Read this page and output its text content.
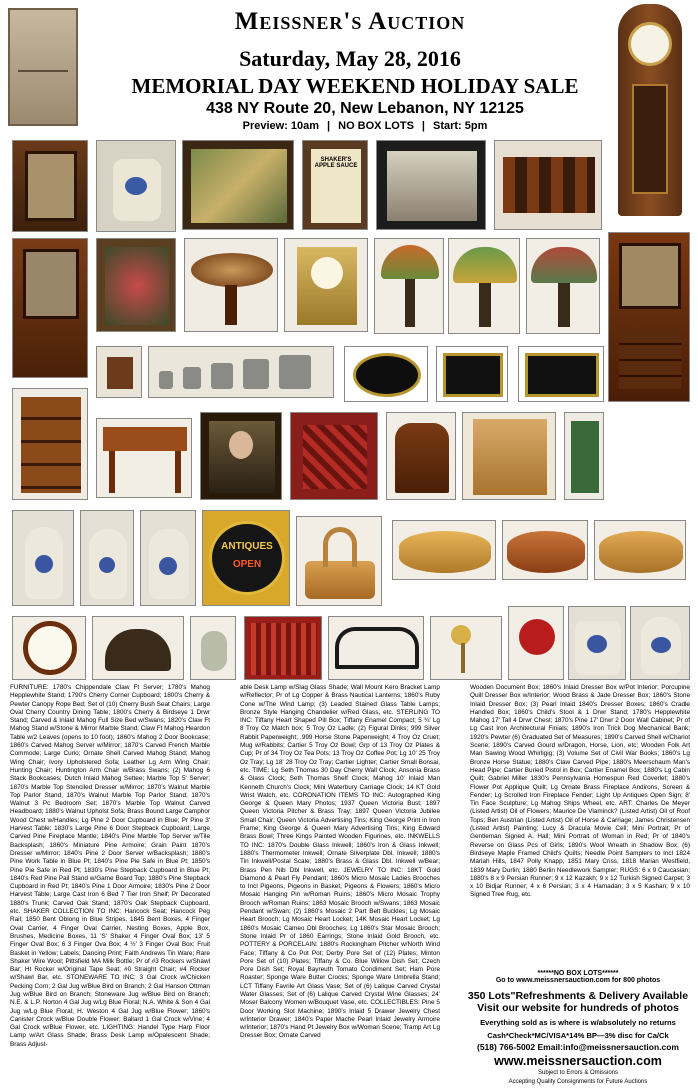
Meissner's Auction
Saturday, May 28, 2016
MEMORIAL DAY WEEKEND HOLIDAY SALE
438 NY Route 20, New Lebanon, NY 12125
Preview: 10am | NO BOX LOTS | Start: 5pm
SHAKER'S APPLE SAUCE
ANTIQUES
OPEN
FURNITURE: 1780's Chippendale Claw Ft Server; 1780's Mahog Hepplewhite Stand; 1790's Cherry Corner Cupboard; 1800's Cherry & Pewter Canopy Rope Bed; Set of (10) Cherry Bush Seat Chairs; Large Oval Cherry Country Dining Table; 1800's Cherry & Birdseye 1 Drwr Stand; Carved & Inlaid Mahog Full Size Bed w/Swans; 1820's Claw Ft Mahog Stand w/Stone & Mirror Marble Stand; Claw Ft Mahog Heardon Table w/2 Leaves (opens to 10 foot); 1860's Mahog 2 Door Bookcase; 1860's Carved Mahog Server w/Mirror; 1870's Carved French Marble Commode; Large Curio; Ornate Shell Carved Mahog Stand; Mahog Wing Chair; Ivory Upholstered Sofa; Leather Lg Arm Wing Chair; Hunting Chair; Huntington Arm Chair w/Brass Swans; (2) Mahog 6 Stack Bookcases; Dutch Inlaid Mahog Settee; Marble Top 5' Server; 1870's Marble Top Stenciled Dresser w/Mirror; 1870's Walnut Marble Top Parlor Stand; 1870's Walnut Marble Top Parlor Stand; 1870's Walnut 3 Pc Bedroom Set; 1870's Marble Top Walnut Carved Headboard; 1880's Walnut Upholst Sofa; Brass Bound Large Camphor Wood Chest w/Handles; Lg Pine 2 Door Cupboard in Blue; Pr Pine 3' Harvest Table; 1830's Large Pine 6 Door Stepback Cupboard; Large Carved Pine Fireplace Mantle; 1840's Pine Marble Top Server w/Tile Backsplash; 1860's Miniature Pine Armoire; Grain Paint 1870's Dresser w/Mirror; 1840's Pine 2 Door Server w/Backsplash; 1880's Pine Work Table in Blue Pt; 1840's Pine Pie Safe in Blue Pt; 1850's Pine Pie Safe in Red Pt; 1830's Pine Stepback Cupboard in Blue Pt; 1840's Red Pine Pail Stand w/Game Board Top; 1880's Pine Stepback Cupboard in Red Pt; 1840's Pine 1 Door Armoire; 1830's Pine 2 Door Harvest Table; Large Cast Iron 6 Bed 7 Tier Iron Shelf; Pr Decorated 1880's Trunk; Carved Oak Stand; 1870's Oak Stepback Cupboard, etc. SHAKER COLLECTION TO INC: Hancock Seat; Hancock Peg Rail; 1850 Bent Oblong in Blue Stripes, 1845 Bent Boxes, 4 Finger Oval Carrier, 4 Finger Oval Carrier, Nesting Boxes, Apple Box, Brushes, Medicine Boxes, 11 'S' Shaker 4 Finger Oval Box; 13' 5 Finger Oval Box; 6 3 Finger Ova Box; 4 ½' 3 Finger Oval Box; Fruit Basket in Yellow; Labels; Dancing Print; Faith Andrews Tin Ware; Rare Shaker Wire Wool; Pittsfield MA Milk Bottle; Pr of #3 Rockers w/Shawl Bar; Ht Rocker w/Original Tape Seat; #0 Straight Chair; #4 Rocker w/Shawl Bar, etc. STONEWARE TO INC: 3 Gal Crock w/Chicken Pecking Corn; 2 Gal Jug w/Blue Bird on Branch; 2 Gal Hanson Ottman Jug w/Blue Bird on Branch; Stoneware Jug w/Blue Bird on Branch; N.E. & L.P. Norton 4 Gal Jug w/Lg Blue Floral; N.A. White & Son 4 Gal Jug w/Lg Blue Floral; H. Weston 4 Gal Jug w/Blue Flower; 1860's Canister Crock w/Blue Double Flower; Ballard 1 Gal Crock w/Vine; 4 Gal Crock w/Blue Flower, etc. LIGHTING: Handel Type Harp Floor Lamp w/Art Glass Shade; Brass Desk Lamp w/Opalescent Shade; Brass Adjust-
able Desk Lamp w/Slag Glass Shade; Wall Mount Kero Bracket Lamp w/Reflector; Pr of Lg Copper & Brass Nautical Lanterns; 1860's Ruby Cone w/The Wind Lamp; (3) Leaded Stained Glass Table Lamps; Bronze Style Hanging Chandelier w/Red Glass, etc. STERLING TO INC: Tiffany Heart Shaped Pill Box; Tiffany Enamel Compact; 5 ¾' Lg 8 Troy Oz Match box; 5 Troy Oz Ladle; (2) Figural Dinks; 999 Silver Rabbit Paperweight; .999 Horse Stone Paperweight; 4 Troy Oz Cruet; Mug w/Rabbits; Cartier 5 Troy Oz Bowl; Grp of 13 Troy Oz Plates & Cup; Pr of 34 Troy Oz Tea Pots; 13 Troy Oz Coffee Pot; Lg 10' 25 Troy Oz Tray; Lg 18' 28 Troy Oz Tray; Cartier Lighter; Cartier Small Bonsai, etc. TIME: Lg Seth Thomas 30 Day Cherry Wall Clock; Ansonia Brass & Glass Clock; Seth Thomas Shelf Clock; Mahog 10' Inlaid Man Kenneth Church's Clock; Mini Waterbury Carriage Clock; 14 KT Gold Wrist Watch, etc. CORONATION ITEMS TO INC: Autographed King George & Queen Mary Photos; 1937 Queen Victoria Bust; 1897 Queen Victoria Pitcher & Brass Tray; 1897 Queen Victoria Jubilee Small Chair; Queen Victoria Advertising Tins; King George Print in Iron Frame; King George & Queen Mary Advertising Tins; King Edward Brass Bowl; Three Kings Painted Wooden Figurines, etc. INKWELLS TO INC: 1870's Double Glass Inkwell; 1860's Iron & Glass Inkwell; 1880's Thermometer Inkwell; Ornate Silverplate Dbl. Inkwell; 1880's Tin Inkwell/Postal Scale; 1880's Brass & Glass Dbl. Inkwell w/Bear; Brass Pen Nib Dbl Inkwell, etc. JEWELRY TO INC: 18KT Gold Diamond & Pearl Fly Pendant; 1860's Micro Mosaic Ladies Brooches to Incl Pigeons, Pigeons in Basket, Pigeons & Flowers; 1860's Micro Mosaic Hanging Pin w/Roman Ruins; 1860's Micro Mosaic Trophy Brooch w/Roman Ruins; 1863 Mosaic Brooch w/Swans; 1863 Mosaic Pendant w/Swan; (2) 1860's Mosaic 2 Part Belt Buckles; Lg Mosaic Heart Brooch; Lg Mosaic Heart Locket; 14K Mosaic Heart Locket; Lg 1860's Mosaic Cameo Dbl Brooches; Lg 1860's Star Mosaic Brooch; Stone Inlaid Pr of 1860 Earrings; Stone Inlaid Gold Brooch, etc. POTTERY & PORCELAIN: 1880's Rockingham Pitcher w/North Wind Face; Tiffany & Co Pot Pot; Derby Pore Set of (12) Plates; Minton Pore Set of (10) Plates; Tiffany & Co. Blue Willow Dish Set; Czech Pore Dish Set; Royal Bayreuth Tomato Condiment Set; Ham Pore Roaster; Sponge Ware Butter Crocks; Sponge Ware Umbrella Stand; LCT Tiffany Favrile Art Glass Vase; Set of (6) Lalique Carved Crystal Water Glasses; Set of (6) Lalique Carved Crystal Wine Glasses; 24' Moser Balcony Women w/Bouquet Vase, etc. COLLECTIBLES: Pine 5 Door Working Slot Machine; 1890's Inlaid 5 Drawer Jewelry Chest w/Interior Drawer; 1840's Paper Mache Pearl Inlaid Jewelry Armoire w/Interior; 1870's Hand Pt Jewelry Box w/Woman Scene; Tramp Art Lg Dresser Box; Ornate Carved
Wooden Document Box; 1860's Inlaid Dresser Box w/Pot Interior; Porcupine Quill Dresser Box w/Interior; Wood Brass & Jade Dresser Box; 1860's Stone Inlaid Dresser Box; (3) Pearl Inlaid 1840's Dresser Boxes; 1860's Cradle Handled Box; 1860's Child's Stool & 1 Drwr Stand; 1780's Hepplewhite Mahog 17' Tall 4 Drwr Chest; 1870's Pine 17' Drwr 2 Door Wall Cabinet; Pr of Lg Cast Iron Architectural Finials; 1890's Iron Trick Dog Mechanical Bank; 1920's Pewter (6) Graduated Set of Measures; 1890's Carved Shell w/Chariot Scene; 1890's Carved Gourd w/Dragon, Horse, Lion, etc; Wooden Folk Art Man Sawing Wood Whirligig; (3) Volume Set of Civil War Books; 1860's Lg Bronze Horse Statue; 1880's Claw Carved Pipe; 1880's Meerschaum Man's Head Pipe; Cartier Buried Pistol in Box; Cartier Enamel Box; 1880's Lg Cabin Quilt; Gabriel Miller 1830's Pennsylvania Homespun Red Coverlet; 1880's Flower Pot Applique Quilt; Lg Ornate Brass Fireplace Andirons, Screen & Fender; Lg Scrolled Iron Fireplace Fender; Light Up Antiques Open Sign; 8' Tin Face Sculpture; Lg Mahog Ships Wheel, etc. ART: Charles De Meyer (Listed Artist) Oil of Flowers; Maurice De Vlaminck? (Listed Artist) Oil of Roof Tops; Ben Austrian (Listed Artist) Oil of Horse & Carriage; James Christensen (Listed Artist) Painting; Lucy & Dracula Movie Cell; Mini Portrait; Pr of Gentleman Signed A. Hall; Mini Portrait of Woman in Red; Pr of 1840's Reverse on Glass Pcs of Girls; 1890's Wool Wreath in Shadow Box; (6) Birdseye Maple Framed Child's Quilts; Needle Point Samplers to Incl 1824 Mariah Hills, 1847 Polly Knapp, 1851 Mary Criss, 1818 Marian Westfield, 1839 Mary Durlin; 1880 Berlin Needlework Sampler; RUGS: 6 x 9 Caucasian; 1880's 8 x 9 Persian Runner; 9 x 12 Kazakh; 9 x 12 Turkish Signed Carpet; 3 x 10 Bidjar Runner; 4 x 6 Persian; 3 x 4 Hamadan; 3 x 5 Kashan; 9 x 10 Signed Tree Rug, etc.
******NO BOX LOTS******
Go to www.meissnersauction.com for 800 photos
350 Lots"Refreshments & Delivery Available
Visit our website for hundreds of photos
Everything sold as is where is w/absolutely no returns
Cash*Check*MC/VISA*14% BP—3% disc for Ca/Ck
(518) 766-5002 Email:info@meissnersauction.com
www.meissnersauction.com
Subject to Errors & Omissions
Accepting Quality Consignments for Future Auctions
